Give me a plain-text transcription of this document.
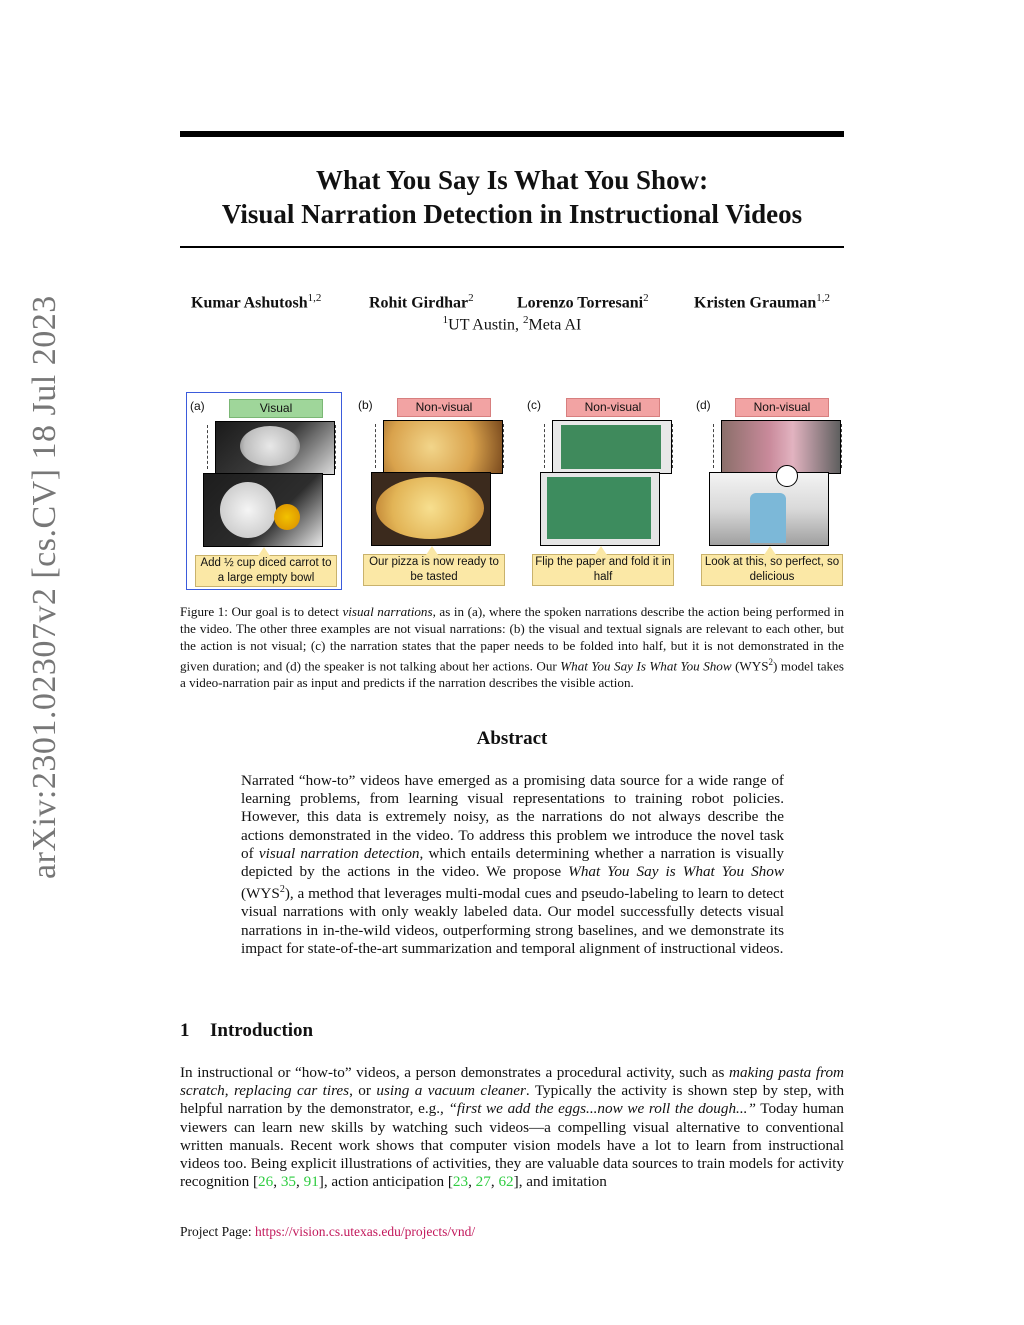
arXiv:2301.02307v2 [cs.CV] 18 Jul 2023
What You Say Is What You Show:
Visual Narration Detection in Instructional Videos
Kumar Ashutosh$^{1,2}$	Rohit Girdhar$^2$	Lorenzo Torresani$^2$	Kristen Grauman$^{1,2}$
$^1$UT Austin, $^2$Meta AI
(a)	Visual
Add ½ cup diced carrot to a large empty bowl
(b)	Non-visual
Our pizza is now ready to be tasted
(c)	Non-visual
Flip the paper and fold it in half
(d)	Non-visual
Look at this, so perfect, so delicious
Figure 1: Our goal is to detect visual narrations, as in (a), where the spoken narrations describe the action being performed in the video. The other three examples are not visual narrations: (b) the visual and textual signals are relevant to each other, but the action is not visual; (c) the narration states that the paper needs to be folded into half, but it is not demonstrated in the given duration; and (d) the speaker is not talking about her actions. Our What You Say Is What You Show (WYS$^2$) model takes a video-narration pair as input and predicts if the narration describes the visible action.
Abstract
Narrated “how-to” videos have emerged as a promising data source for a wide range of learning problems, from learning visual representations to training robot policies. However, this data is extremely noisy, as the narrations do not always describe the actions demonstrated in the video. To address this problem we introduce the novel task of visual narration detection, which entails determining whether a narration is visually depicted by the actions in the video. We propose What You Say is What You Show (WYS$^2$), a method that leverages multi-modal cues and pseudo-labeling to learn to detect visual narrations with only weakly labeled data. Our model successfully detects visual narrations in in-the-wild videos, outperforming strong baselines, and we demonstrate its impact for state-of-the-art summarization and temporal alignment of instructional videos.
1 Introduction
In instructional or “how-to” videos, a person demonstrates a procedural activity, such as making pasta from scratch, replacing car tires, or using a vacuum cleaner. Typically the activity is shown step by step, with helpful narration by the demonstrator, e.g., “first we add the eggs...now we roll the dough...” Today human viewers can learn new skills by watching such videos—a compelling visual alternative to conventional written manuals. Recent work shows that computer vision models have a lot to learn from instructional videos too. Being explicit illustrations of activities, they are valuable data sources to train models for activity recognition [26, 35, 91], action anticipation [23, 27, 62], and imitation
Project Page: https://vision.cs.utexas.edu/projects/vnd/
